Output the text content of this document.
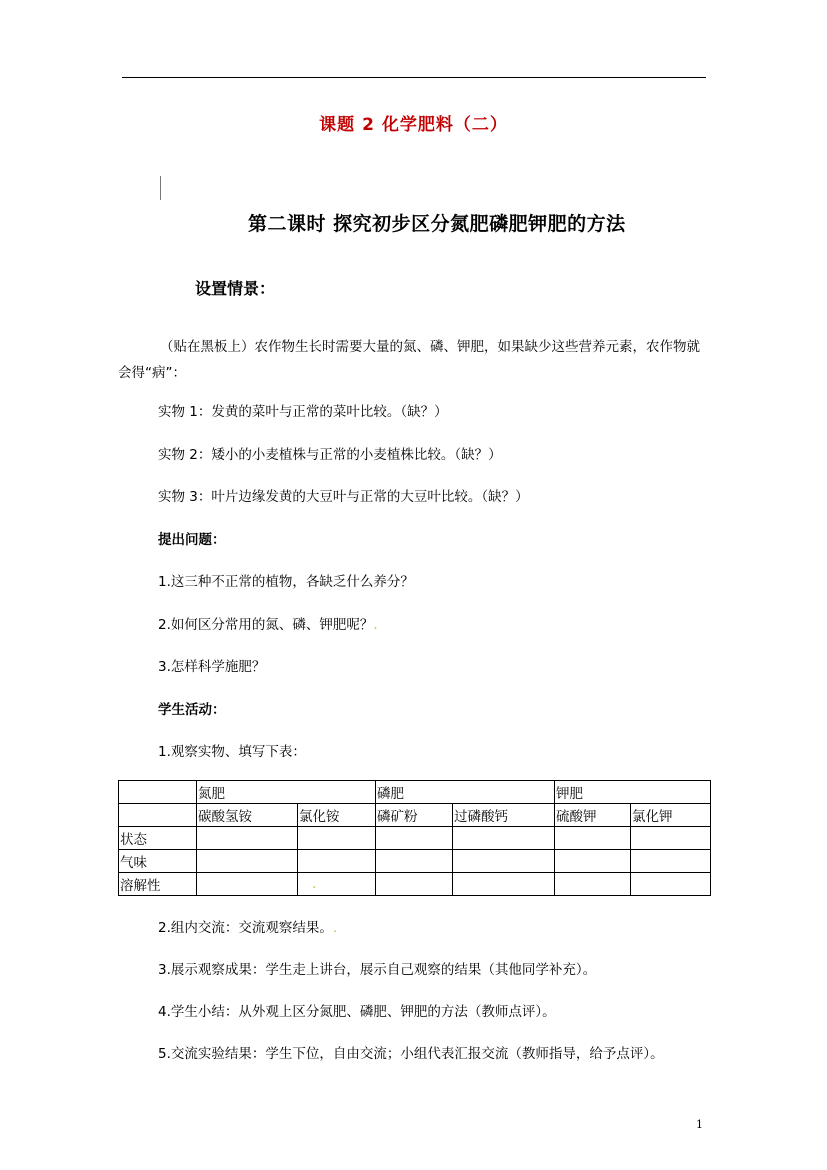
课题 2 化学肥料（二）
第二课时 探究初步区分氮肥磷肥钾肥的方法
设置情景：
（贴在黑板上）农作物生长时需要大量的氮、磷、钾肥，如果缺少这些营养元素，农作物就会得“病”：
实物 1：发黄的菜叶与正常的菜叶比较。（缺？）
实物 2：矮小的小麦植株与正常的小麦植株比较。（缺？）
实物 3：叶片边缘发黄的大豆叶与正常的大豆叶比较。（缺？）
提出问题：
1.这三种不正常的植物，各缺乏什么养分？
2.如何区分常用的氮、磷、钾肥呢？.
3.怎样科学施肥？
学生活动：
1.观察实物、填写下表：
	氮肥		磷肥		钾肥	
	碳酸氢铵	氯化铵	磷矿粉	过磷酸钙	硫酸钾	氯化钾
状态						
气味						
溶解性		.				
2.组内交流：交流观察结果。.
3.展示观察成果：学生走上讲台，展示自己观察的结果（其他同学补充）。
4.学生小结：从外观上区分氮肥、磷肥、钾肥的方法（教师点评）。
5.交流实验结果：学生下位，自由交流；小组代表汇报交流（教师指导，给予点评）。
1
